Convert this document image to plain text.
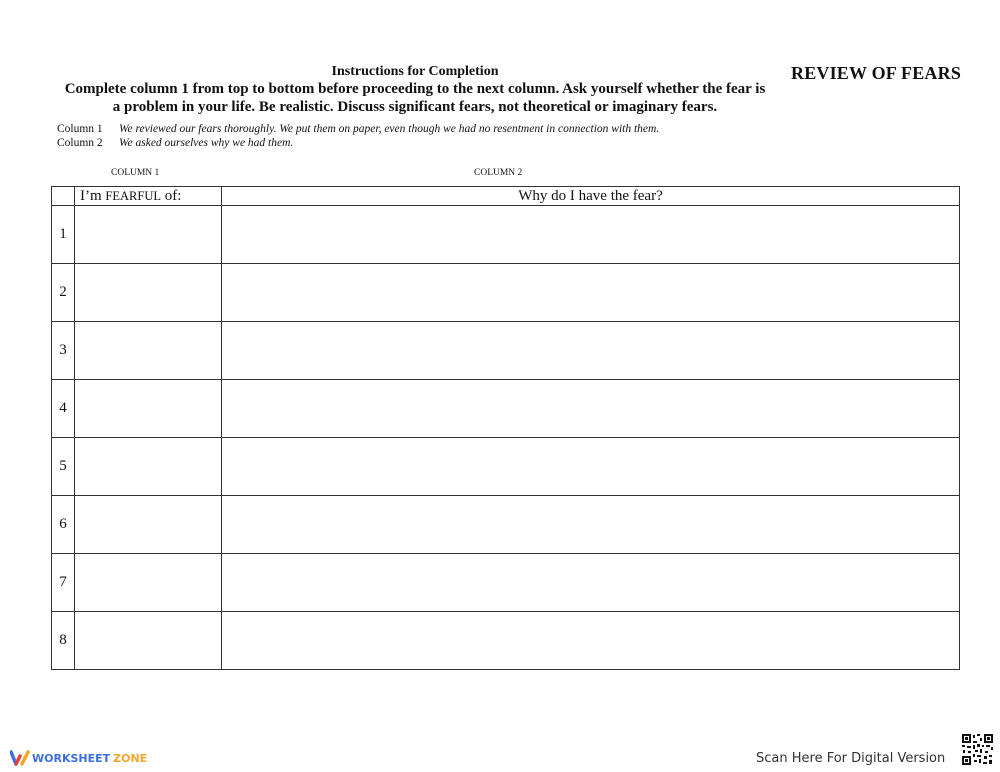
Instructions for Completion
Complete column 1 from top to bottom before proceeding to the next column. Ask yourself whether the fear is
a problem in your life. Be realistic. Discuss significant fears, not theoretical or imaginary fears.
REVIEW OF FEARS
Column 1	We reviewed our fears thoroughly. We put them on paper, even though we had no resentment in connection with them.
Column 2	We asked ourselves why we had them.
COLUMN 1	COLUMN 2
	I’m FEARFUL of:	Why do I have the fear?
1		
2		
3		
4		
5		
6		
7		
8		
WORKSHEET ZONE	Scan Here For Digital Version
